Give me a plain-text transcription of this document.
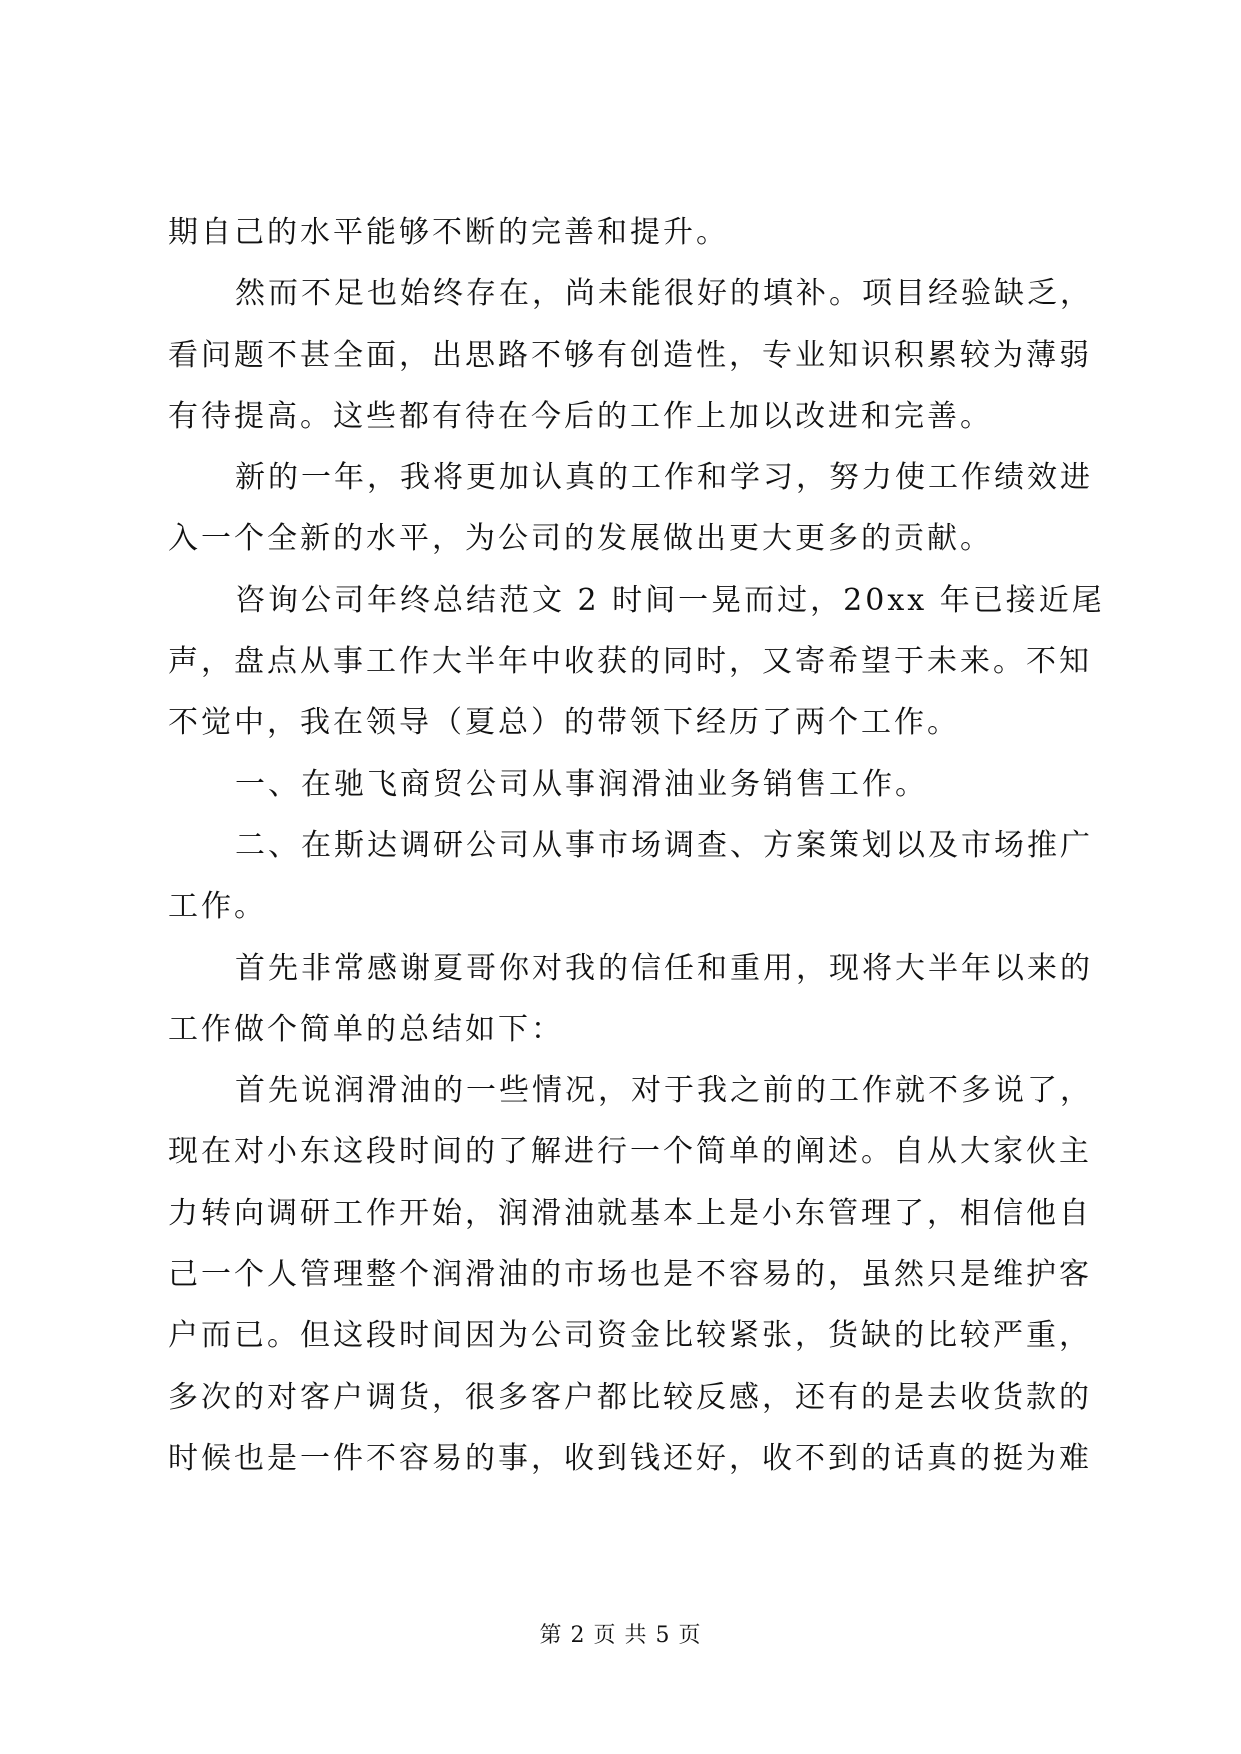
期自己的水平能够不断的完善和提升。
然而不足也始终存在，尚未能很好的填补。项目经验缺乏，
看问题不甚全面，出思路不够有创造性，专业知识积累较为薄弱
有待提高。这些都有待在今后的工作上加以改进和完善。
新的一年，我将更加认真的工作和学习，努力使工作绩效进
入一个全新的水平，为公司的发展做出更大更多的贡献。
咨询公司年终总结范文 2 时间一晃而过，20xx 年已接近尾
声，盘点从事工作大半年中收获的同时，又寄希望于未来。不知
不觉中，我在领导（夏总）的带领下经历了两个工作。
一、在驰飞商贸公司从事润滑油业务销售工作。
二、在斯达调研公司从事市场调查、方案策划以及市场推广
工作。
首先非常感谢夏哥你对我的信任和重用，现将大半年以来的
工作做个简单的总结如下：
首先说润滑油的一些情况，对于我之前的工作就不多说了，
现在对小东这段时间的了解进行一个简单的阐述。自从大家伙主
力转向调研工作开始，润滑油就基本上是小东管理了，相信他自
己一个人管理整个润滑油的市场也是不容易的，虽然只是维护客
户而已。但这段时间因为公司资金比较紧张，货缺的比较严重，
多次的对客户调货，很多客户都比较反感，还有的是去收货款的
时候也是一件不容易的事，收到钱还好，收不到的话真的挺为难
第 2 页 共 5 页
